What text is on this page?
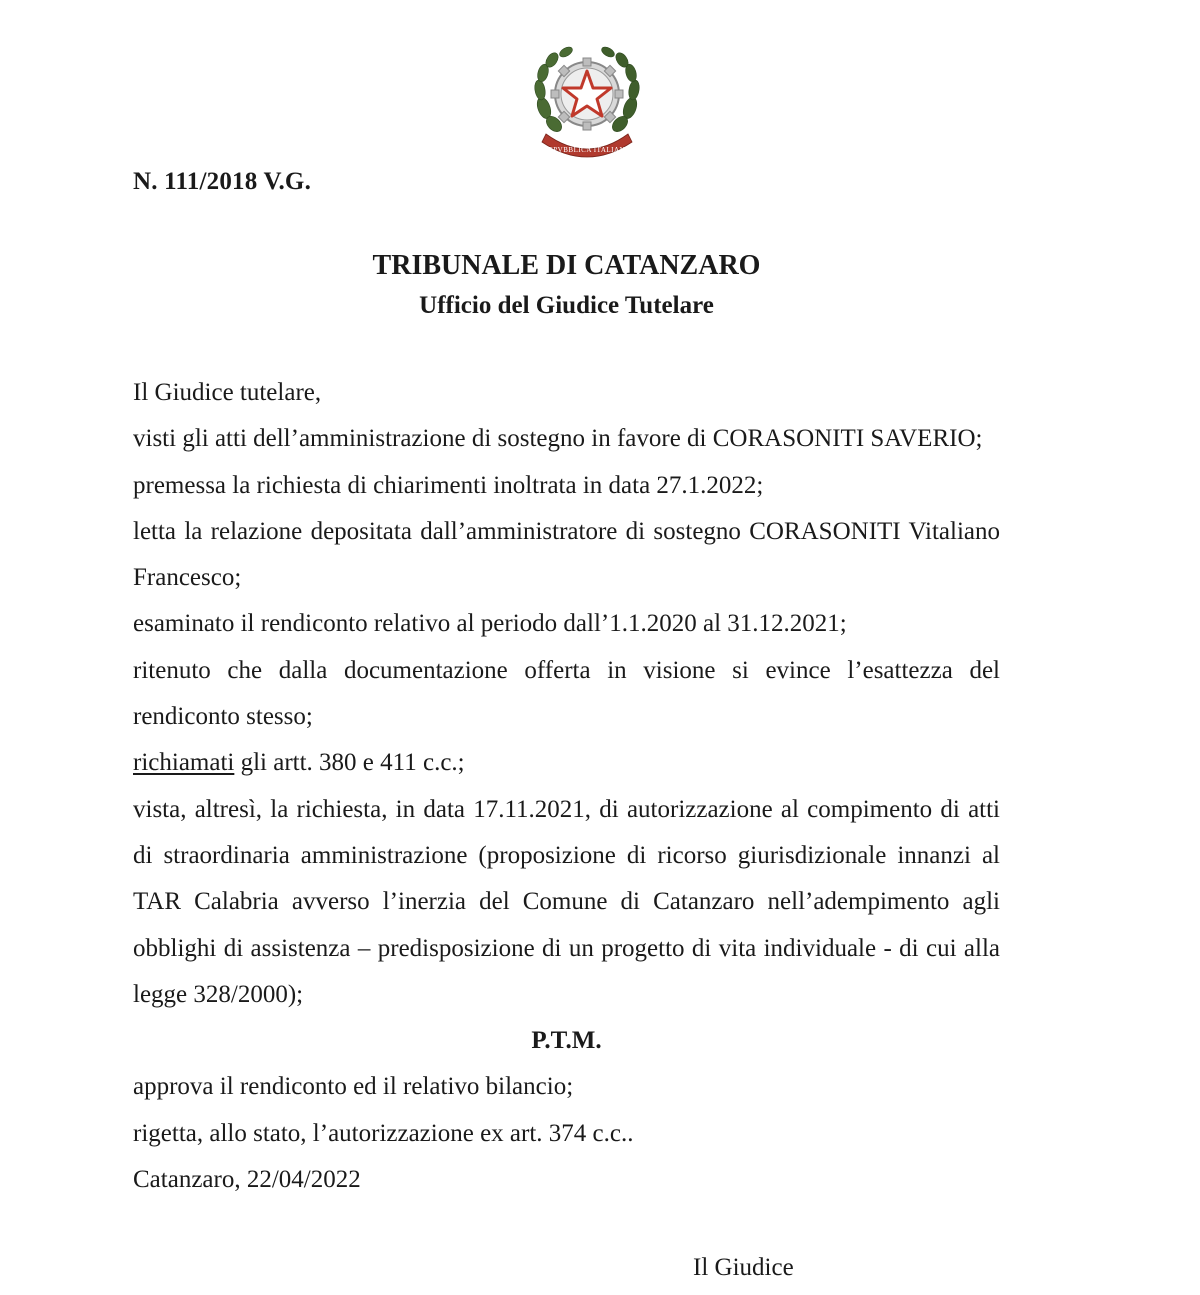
REPVBBLICA ITALIANA
N. 111/2018 V.G.
TRIBUNALE DI CATANZARO
Ufficio del Giudice Tutelare

Il Giudice tutelare,

visti gli atti dell’amministrazione di sostegno in favore di CORASONITI SAVERIO;

premessa la richiesta di chiarimenti inoltrata in data 27.1.2022;

letta la relazione depositata dall’amministratore di sostegno CORASONITI Vitaliano Francesco;

esaminato il rendiconto relativo al periodo dall’1.1.2020 al 31.12.2021;

ritenuto che dalla documentazione offerta in visione si evince l’esattezza del rendiconto stesso;

richiamati gli artt. 380 e 411 c.c.;

vista, altresì, la richiesta, in data 17.11.2021, di autorizzazione al compimento di atti di straordinaria amministrazione (proposizione di ricorso giurisdizionale innanzi al TAR Calabria avverso l’inerzia del Comune di Catanzaro nell’adempimento agli obblighi di assistenza – predisposizione di un progetto di vita individuale - di cui alla legge 328/2000);

P.T.M.

approva il rendiconto ed il relativo bilancio;

rigetta, allo stato, l’autorizzazione ex art. 374 c.c..

Catanzaro, 22/04/2022

Il Giudice
